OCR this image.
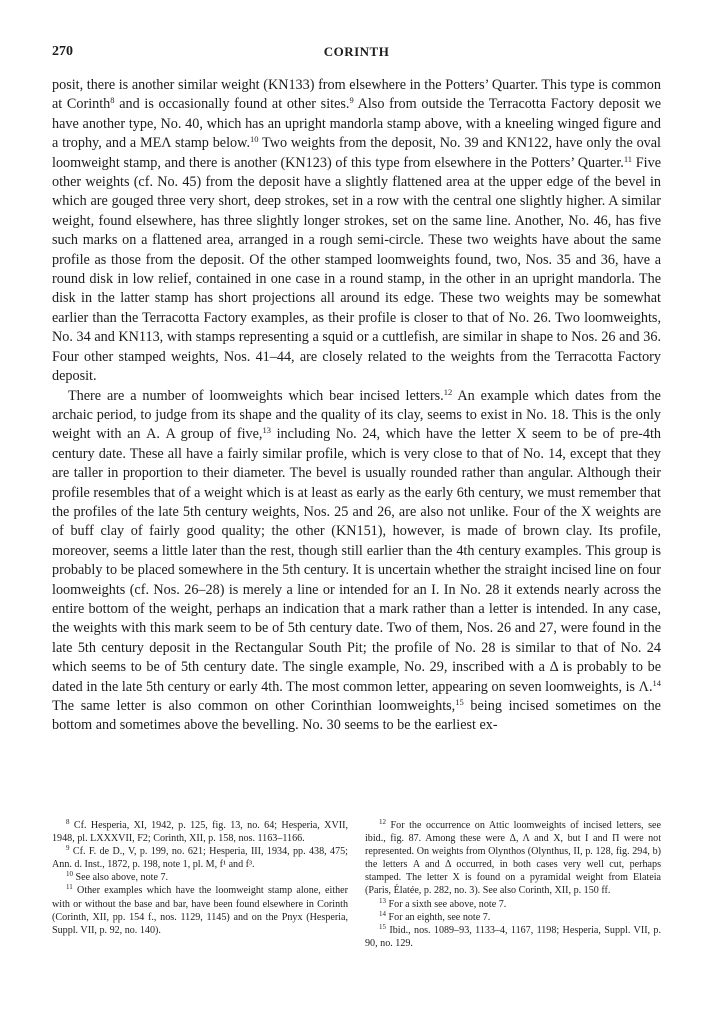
270	CORINTH

posit, there is another similar weight (KN133) from elsewhere in the Potters’ Quarter. This type is common at Corinth$^8$ and is occasionally found at other sites.$^9$ Also from outside the Terracotta Factory deposit we have another type, No. 40, which has an upright mandorla stamp above, with a kneeling winged figure and a trophy, and a ΜΕΛ stamp below.$^{10}$ Two weights from the deposit, No. 39 and KN122, have only the oval loomweight stamp, and there is another (KN123) of this type from elsewhere in the Potters’ Quarter.$^{11}$ Five other weights (cf. No. 45) from the deposit have a slightly flattened area at the upper edge of the bevel in which are gouged three very short, deep strokes, set in a row with the central one slightly higher. A similar weight, found elsewhere, has three slightly longer strokes, set on the same line. Another, No. 46, has five such marks on a flattened area, arranged in a rough semi-circle. These two weights have about the same profile as those from the deposit. Of the other stamped loomweights found, two, Nos. 35 and 36, have a round disk in low relief, contained in one case in a round stamp, in the other in an upright mandorla. The disk in the latter stamp has short projections all around its edge. These two weights may be somewhat earlier than the Terracotta Factory examples, as their profile is closer to that of No. 26. Two loomweights, No. 34 and KN113, with stamps representing a squid or a cuttlefish, are similar in shape to Nos. 26 and 36. Four other stamped weights, Nos. 41–44, are closely related to the weights from the Terracotta Factory deposit.

There are a number of loomweights which bear incised letters.$^{12}$ An example which dates from the archaic period, to judge from its shape and the quality of its clay, seems to exist in No. 18. This is the only weight with an Α. A group of five,$^{13}$ including No. 24, which have the letter Χ seem to be of pre-4th century date. These all have a fairly similar profile, which is very close to that of No. 14, except that they are taller in proportion to their diameter. The bevel is usually rounded rather than angular. Although their profile resembles that of a weight which is at least as early as the early 6th century, we must remember that the profiles of the late 5th century weights, Nos. 25 and 26, are also not unlike. Four of the Χ weights are of buff clay of fairly good quality; the other (KN151), however, is made of brown clay. Its profile, moreover, seems a little later than the rest, though still earlier than the 4th century examples. This group is probably to be placed somewhere in the 5th century. It is uncertain whether the straight incised line on four loomweights (cf. Nos. 26–28) is merely a line or intended for an Ι. In No. 28 it extends nearly across the entire bottom of the weight, perhaps an indication that a mark rather than a letter is intended. In any case, the weights with this mark seem to be of 5th century date. Two of them, Nos. 26 and 27, were found in the late 5th century deposit in the Rectangular South Pit; the profile of No. 28 is similar to that of No. 24 which seems to be of 5th century date. The single example, No. 29, inscribed with a Δ is probably to be dated in the late 5th century or early 4th. The most common letter, appearing on seven loomweights, is Λ.$^{14}$ The same letter is also common on other Corinthian loomweights,$^{15}$ being incised sometimes on the bottom and sometimes above the bevelling. No. 30 seems to be the earliest ex-

$^8$ Cf. Hesperia, XI, 1942, p. 125, fig. 13, no. 64; Hesperia, XVII, 1948, pl. LXXXVII, F2; Corinth, XII, p. 158, nos. 1163–1166.

$^9$ Cf. F. de D., V, p. 199, no. 621; Hesperia, III, 1934, pp. 438, 475; Ann. d. Inst., 1872, p. 198, note 1, pl. M, f¹ and f³.

$^{10}$ See also above, note 7.

$^{11}$ Other examples which have the loomweight stamp alone, either with or without the base and bar, have been found elsewhere in Corinth (Corinth, XII, pp. 154 f., nos. 1129, 1145) and on the Pnyx (Hesperia, Suppl. VII, p. 92, no. 140).

$^{12}$ For the occurrence on Attic loomweights of incised letters, see ibid., fig. 87. Among these were Δ, Λ and Χ, but Ι and Π were not represented. On weights from Olynthos (Olynthus, II, p. 128, fig. 294, b) the letters Α and Δ occurred, in both cases very well cut, perhaps stamped. The letter Χ is found on a pyramidal weight from Elateia (Paris, Élatée, p. 282, no. 3). See also Corinth, XII, p. 150 ff.

$^{13}$ For a sixth see above, note 7.

$^{14}$ For an eighth, see note 7.

$^{15}$ Ibid., nos. 1089–93, 1133–4, 1167, 1198; Hesperia, Suppl. VII, p. 90, no. 129.
